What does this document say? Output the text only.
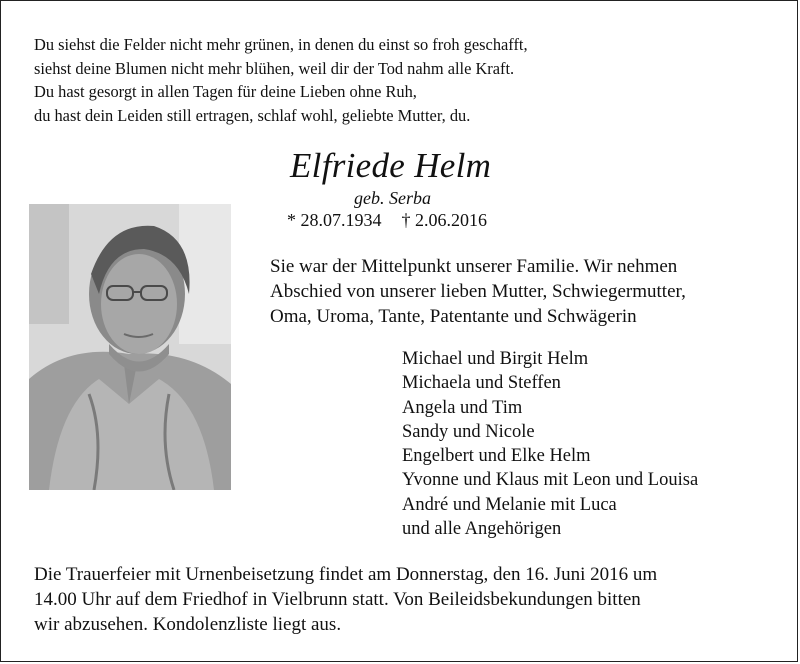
Du siehst die Felder nicht mehr grünen, in denen du einst so froh geschafft,
siehst deine Blumen nicht mehr blühen, weil dir der Tod nahm alle Kraft.
Du hast gesorgt in allen Tagen für deine Lieben ohne Ruh,
du hast dein Leiden still ertragen, schlaf wohl, geliebte Mutter, du.
Elfriede Helm
geb. Serba
* 28.07.1934 † 2.06.2016
Sie war der Mittelpunkt unserer Familie. Wir nehmen
Abschied von unserer lieben Mutter, Schwiegermutter,
Oma, Uroma, Tante, Patentante und Schwägerin
Michael und Birgit Helm
Michaela und Steffen
Angela und Tim
Sandy und Nicole
Engelbert und Elke Helm
Yvonne und Klaus mit Leon und Louisa
André und Melanie mit Luca
und alle Angehörigen
Die Trauerfeier mit Urnenbeisetzung findet am Donnerstag, den 16. Juni 2016 um
14.00 Uhr auf dem Friedhof in Vielbrunn statt. Von Beileidsbekundungen bitten
wir abzusehen. Kondolenzliste liegt aus.
